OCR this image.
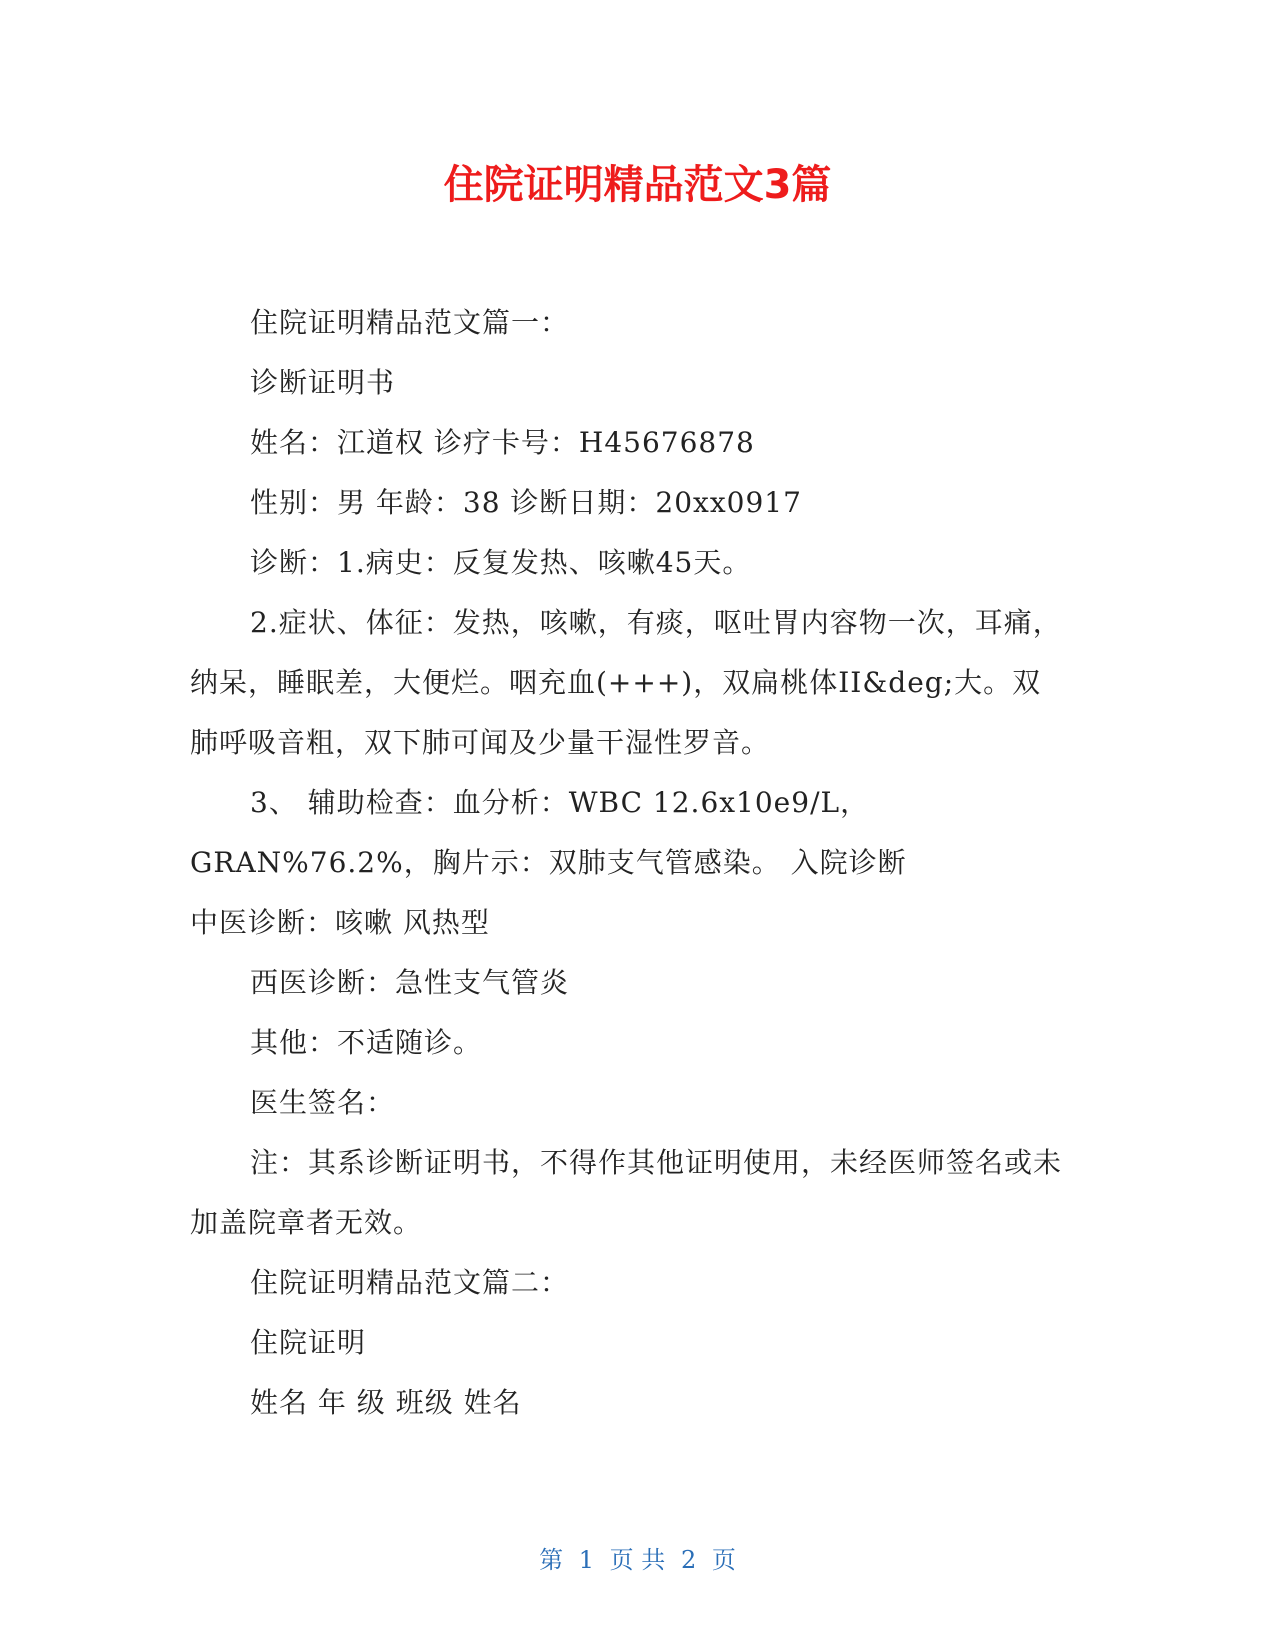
住院证明精品范文3篇

住院证明精品范文篇一：

诊断证明书

姓名：江道权 诊疗卡号：H45676878

性别：男 年龄：38 诊断日期：20xx0917

诊断：1.病史：反复发热、咳嗽45天。

2.症状、体征：发热，咳嗽，有痰，呕吐胃内容物一次，耳痛，纳呆，睡眠差，大便烂。咽充血(+++)，双扁桃体II&deg;大。双肺呼吸音粗，双下肺可闻及少量干湿性罗音。

3、 辅助检查：血分析：WBC 12.6x10e9/L，

GRAN%76.2%，胸片示：双肺支气管感染。 入院诊断

中医诊断：咳嗽 风热型

西医诊断：急性支气管炎

其他：不适随诊。

医生签名：

注：其系诊断证明书，不得作其他证明使用，未经医师签名或未加盖院章者无效。

住院证明精品范文篇二：

住院证明

姓名 年 级 班级 姓名

第 1 页 共 2 页
